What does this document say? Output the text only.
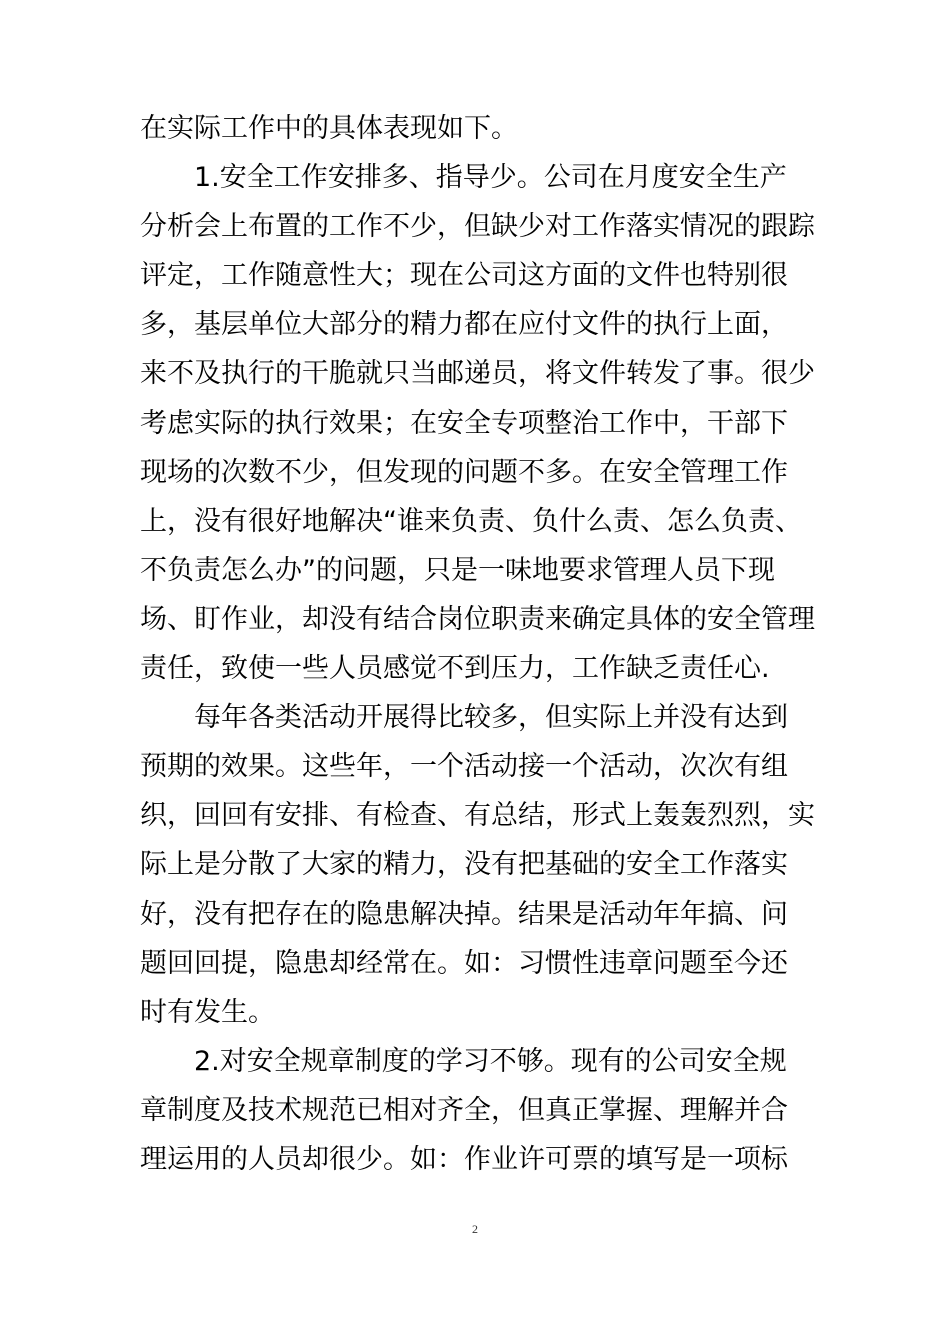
在实际工作中的具体表现如下。
1.安全工作安排多、指导少。公司在月度安全生产
分析会上布置的工作不少，但缺少对工作落实情况的跟踪
评定，工作随意性大；现在公司这方面的文件也特别很
多，基层单位大部分的精力都在应付文件的执行上面，
来不及执行的干脆就只当邮递员，将文件转发了事。很少
考虑实际的执行效果；在安全专项整治工作中，干部下
现场的次数不少，但发现的问题不多。在安全管理工作
上，没有很好地解决“谁来负责、负什么责、怎么负责、
不负责怎么办”的问题，只是一味地要求管理人员下现
场、盯作业，却没有结合岗位职责来确定具体的安全管理
责任，致使一些人员感觉不到压力，工作缺乏责任心.
每年各类活动开展得比较多，但实际上并没有达到
预期的效果。这些年，一个活动接一个活动，次次有组
织，回回有安排、有检查、有总结，形式上轰轰烈烈，实
际上是分散了大家的精力，没有把基础的安全工作落实
好，没有把存在的隐患解决掉。结果是活动年年搞、问
题回回提，隐患却经常在。如：习惯性违章问题至今还
时有发生。
2.对安全规章制度的学习不够。现有的公司安全规
章制度及技术规范已相对齐全，但真正掌握、理解并合
理运用的人员却很少。如：作业许可票的填写是一项标
2
